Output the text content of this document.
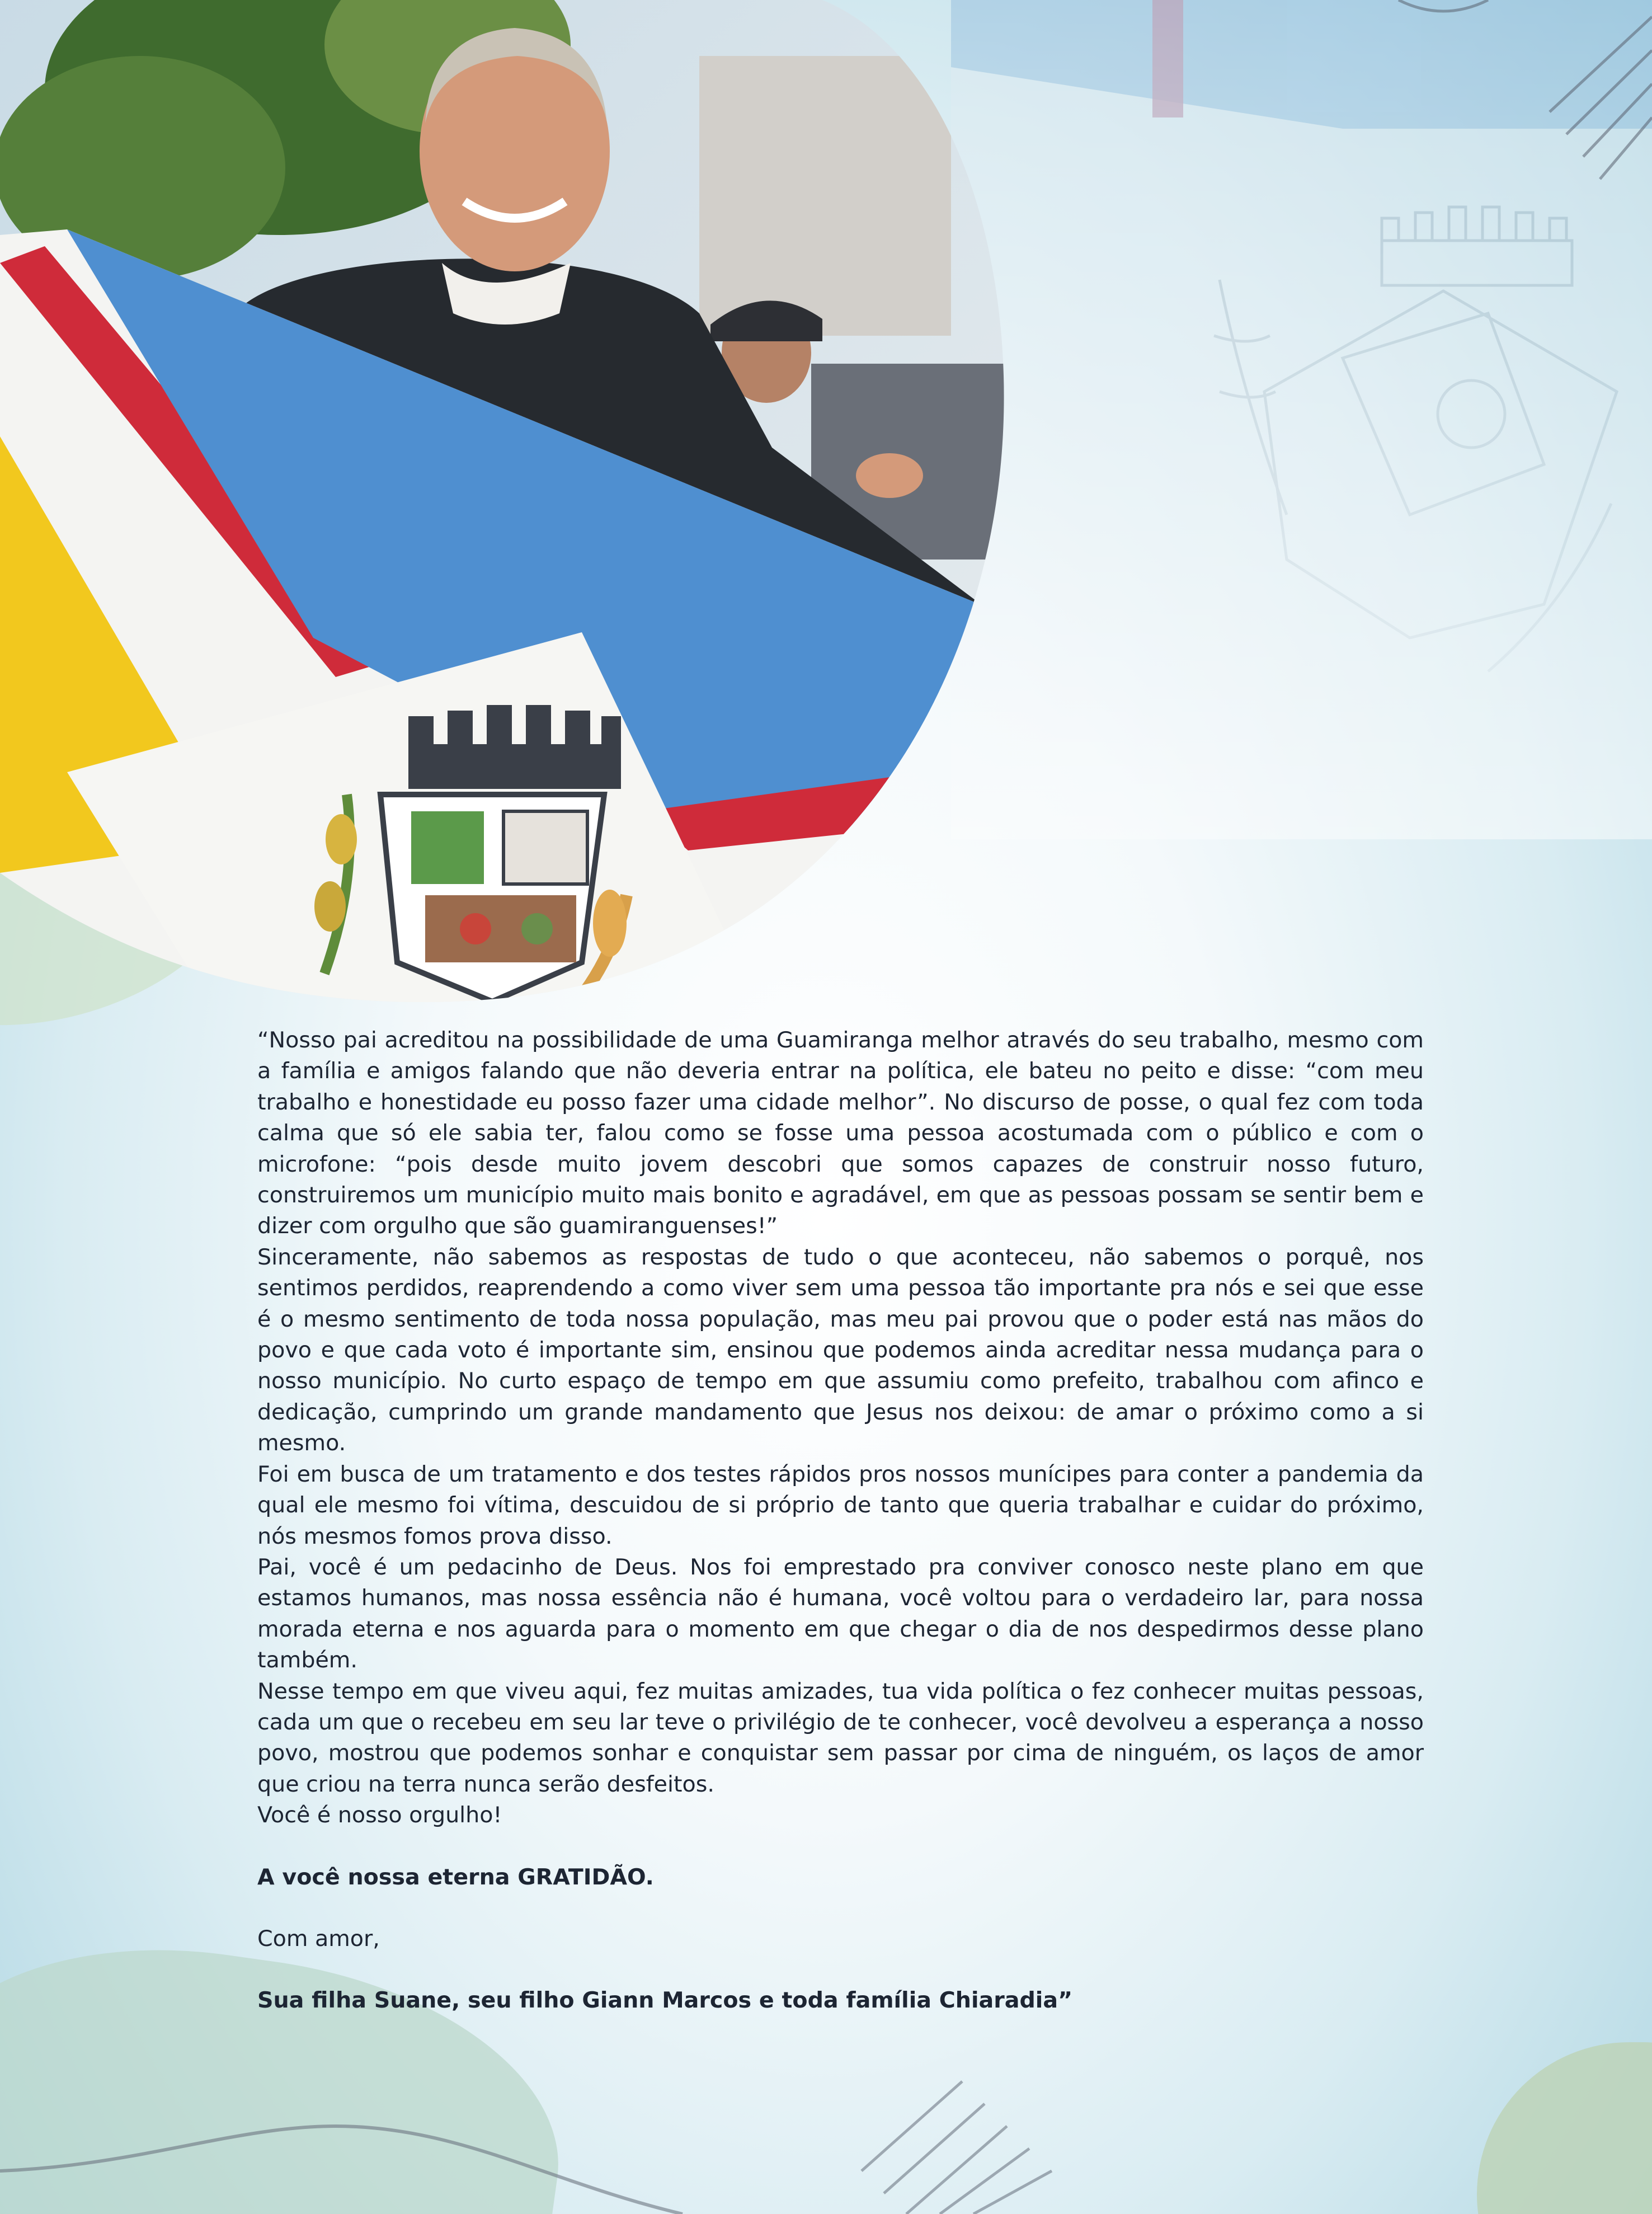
“Nosso pai acreditou na possibilidade de uma Guamiranga melhor através do seu trabalho, mesmo com a família e amigos falando que não deveria entrar na política, ele bateu no peito e disse: “com meu trabalho e honestidade eu posso fazer uma cidade melhor”. No discurso de posse, o qual fez com toda calma que só ele sabia ter, falou como se fosse uma pessoa acostumada com o público e com o microfone: “pois desde muito jovem descobri que somos capazes de construir nosso futuro, construiremos um município muito mais bonito e agradável, em que as pessoas possam se sentir bem e dizer com orgulho que são guamiranguenses!”

Sinceramente, não sabemos as respostas de tudo o que aconteceu, não sabemos o porquê, nos sentimos perdidos, reaprendendo a como viver sem uma pessoa tão importante pra nós e sei que esse é o mesmo sentimento de toda nossa população, mas meu pai provou que o poder está nas mãos do povo e que cada voto é importante sim, ensinou que podemos ainda acreditar nessa mudança para o nosso município. No curto espaço de tempo em que assumiu como prefeito, trabalhou com afinco e dedicação, cumprindo um grande mandamento que Jesus nos deixou: de amar o próximo como a si mesmo.

Foi em busca de um tratamento e dos testes rápidos pros nossos munícipes para conter a pandemia da qual ele mesmo foi vítima, descuidou de si próprio de tanto que queria trabalhar e cuidar do próximo, nós mesmos fomos prova disso.

Pai, você é um pedacinho de Deus. Nos foi emprestado pra conviver conosco neste plano em que estamos humanos, mas nossa essência não é humana, você voltou para o verdadeiro lar, para nossa morada eterna e nos aguarda para o momento em que chegar o dia de nos despedirmos desse plano também.

Nesse tempo em que viveu aqui, fez muitas amizades, tua vida política o fez conhecer muitas pessoas, cada um que o recebeu em seu lar teve o privilégio de te conhecer, você devolveu a esperança a nosso povo, mostrou que podemos sonhar e conquistar sem passar por cima de ninguém, os laços de amor que criou na terra nunca serão desfeitos.

Você é nosso orgulho!

A você nossa eterna GRATIDÃO.

Com amor,

Sua filha Suane, seu filho Giann Marcos e toda família Chiaradia”
